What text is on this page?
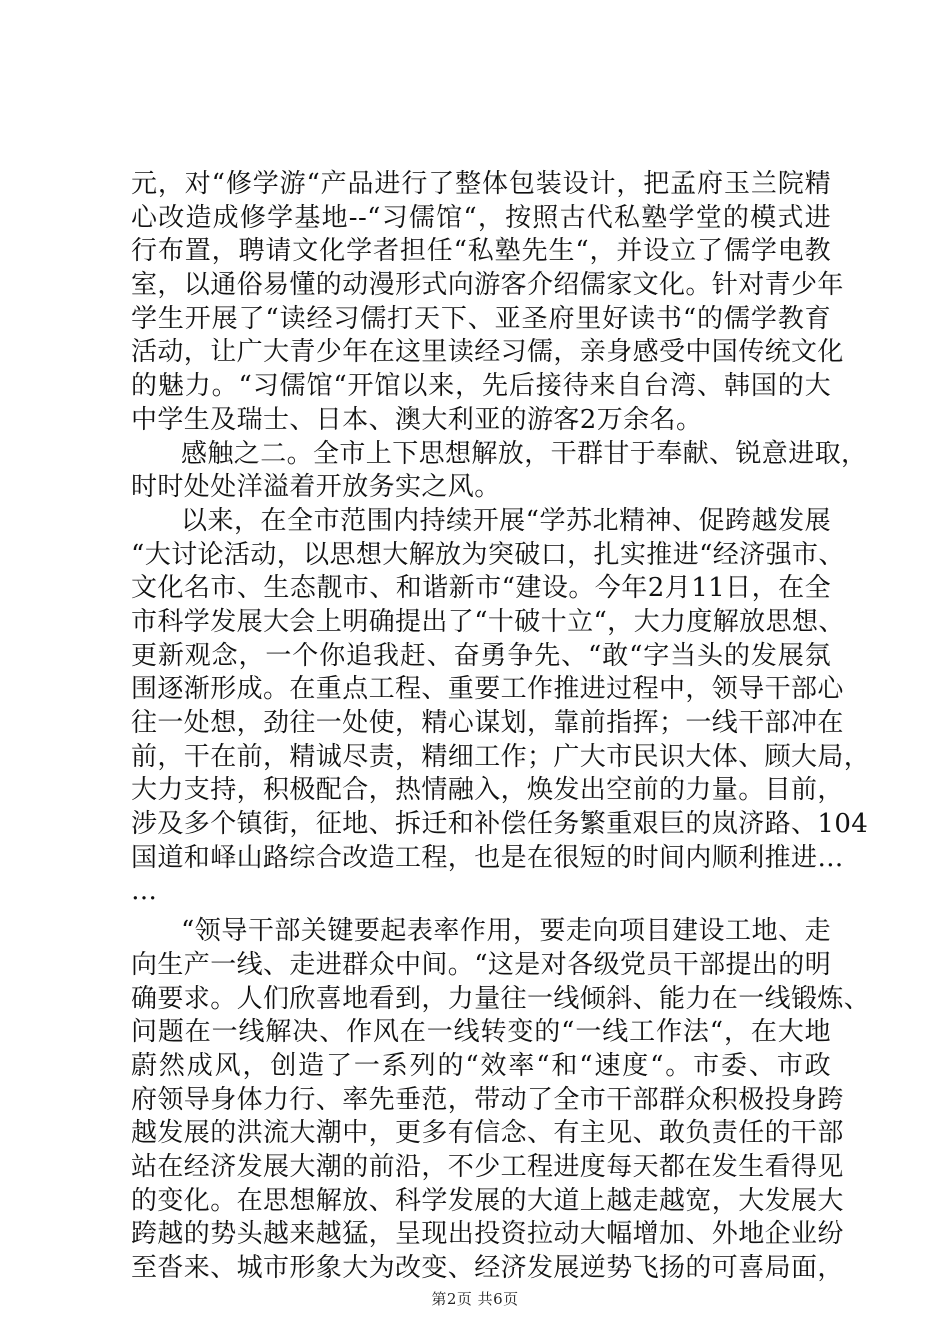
元，对“修学游“产品进行了整体包装设计，把孟府玉兰院精
心改造成修学基地--“习儒馆“，按照古代私塾学堂的模式进
行布置，聘请文化学者担任“私塾先生“，并设立了儒学电教
室，以通俗易懂的动漫形式向游客介绍儒家文化。针对青少年
学生开展了“读经习儒打天下、亚圣府里好读书“的儒学教育
活动，让广大青少年在这里读经习儒，亲身感受中国传统文化
的魅力。“习儒馆“开馆以来，先后接待来自台湾、韩国的大
中学生及瑞士、日本、澳大利亚的游客2万余名。
感触之二。全市上下思想解放，干群甘于奉献、锐意进取，
时时处处洋溢着开放务实之风。
以来，在全市范围内持续开展“学苏北精神、促跨越发展
“大讨论活动，以思想大解放为突破口，扎实推进“经济强市、
文化名市、生态靓市、和谐新市“建设。今年2月11日，在全
市科学发展大会上明确提出了“十破十立“，大力度解放思想、
更新观念，一个你追我赶、奋勇争先、“敢“字当头的发展氛
围逐渐形成。在重点工程、重要工作推进过程中，领导干部心
往一处想，劲往一处使，精心谋划，靠前指挥；一线干部冲在
前，干在前，精诚尽责，精细工作；广大市民识大体、顾大局，
大力支持，积极配合，热情融入，焕发出空前的力量。目前，
涉及多个镇街，征地、拆迁和补偿任务繁重艰巨的岚济路、104
国道和峄山路综合改造工程，也是在很短的时间内顺利推进…
…
“领导干部关键要起表率作用，要走向项目建设工地、走
向生产一线、走进群众中间。“这是对各级党员干部提出的明
确要求。人们欣喜地看到，力量往一线倾斜、能力在一线锻炼、
问题在一线解决、作风在一线转变的“一线工作法“，在大地
蔚然成风，创造了一系列的“效率“和“速度“。市委、市政
府领导身体力行、率先垂范，带动了全市干部群众积极投身跨
越发展的洪流大潮中，更多有信念、有主见、敢负责任的干部
站在经济发展大潮的前沿，不少工程进度每天都在发生看得见
的变化。在思想解放、科学发展的大道上越走越宽，大发展大
跨越的势头越来越猛，呈现出投资拉动大幅增加、外地企业纷
至沓来、城市形象大为改变、经济发展逆势飞扬的可喜局面，
第2页 共6页
